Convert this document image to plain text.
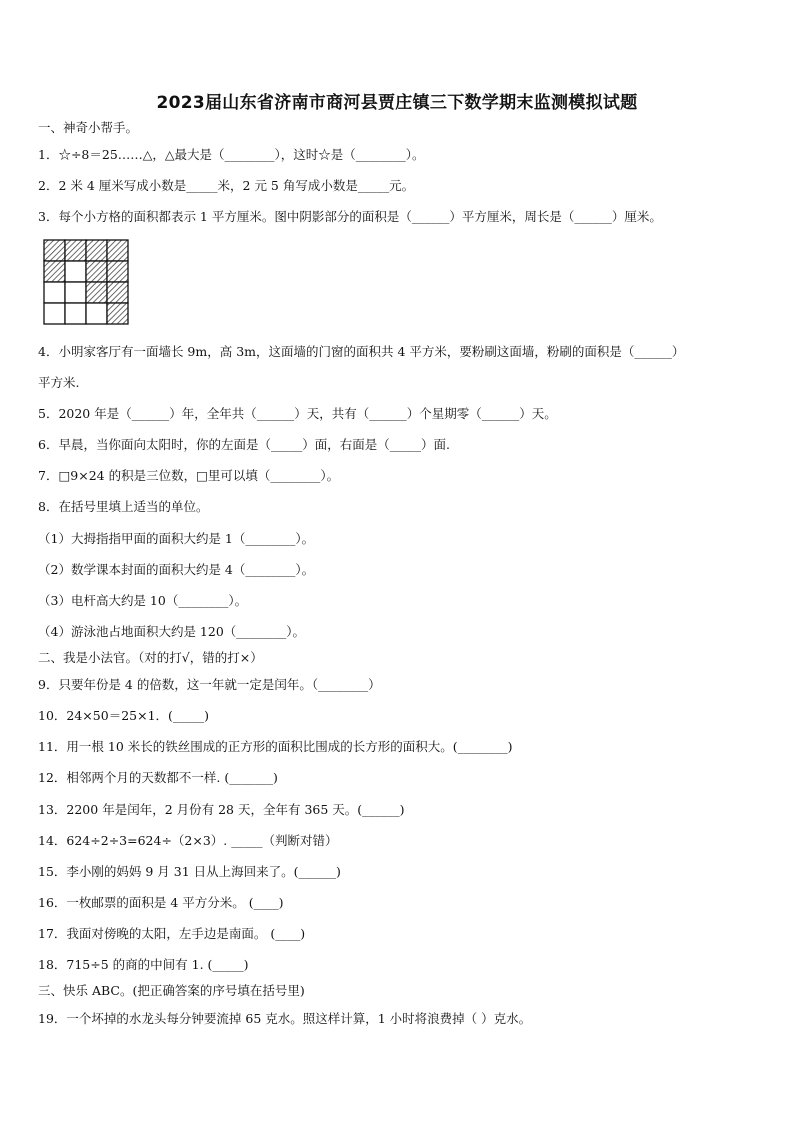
2023届山东省济南市商河县贾庄镇三下数学期末监测模拟试题
一、神奇小帮手。
1．☆÷8＝25……△，△最大是（________），这时☆是（________）。
2．2 米 4 厘米写成小数是_____米，2 元 5 角写成小数是_____元。
3．每个小方格的面积都表示 1 平方厘米。图中阴影部分的面积是（______）平方厘米，周长是（______）厘米。
4．小明家客厅有一面墙长 9m，高 3m，这面墙的门窗的面积共 4 平方米，要粉刷这面墙，粉刷的面积是（______）
平方米.
5．2020 年是（______）年，全年共（______）天，共有（______）个星期零（______）天。
6．早晨，当你面向太阳时，你的左面是（_____）面，右面是（_____）面.
7．□9×24 的积是三位数，□里可以填（________）。
8．在括号里填上适当的单位。
（1）大拇指指甲面的面积大约是 1（________）。
（2）数学课本封面的面积大约是 4（________）。
（3）电杆高大约是 10（________）。
（4）游泳池占地面积大约是 120（________）。
二、我是小法官。（对的打√，错的打×）
9．只要年份是 4 的倍数，这一年就一定是闰年。（________）
10．24×50＝25×1．(_____)
11．用一根 10 米长的铁丝围成的正方形的面积比围成的长方形的面积大。(________)
12．相邻两个月的天数都不一样. (_______)
13．2200 年是闰年，2 月份有 28 天，全年有 365 天。(______)
14．624÷2÷3=624÷（2×3）. _____（判断对错）
15．李小刚的妈妈 9 月 31 日从上海回来了。(______)
16．一枚邮票的面积是 4 平方分米。 (____)
17．我面对傍晚的太阳，左手边是南面。 (____)
18．715÷5 的商的中间有 1. (_____)
三、快乐 ABC。(把正确答案的序号填在括号里)
19．一个坏掉的水龙头每分钟要流掉 65 克水。照这样计算，1 小时将浪费掉（ ）克水。
